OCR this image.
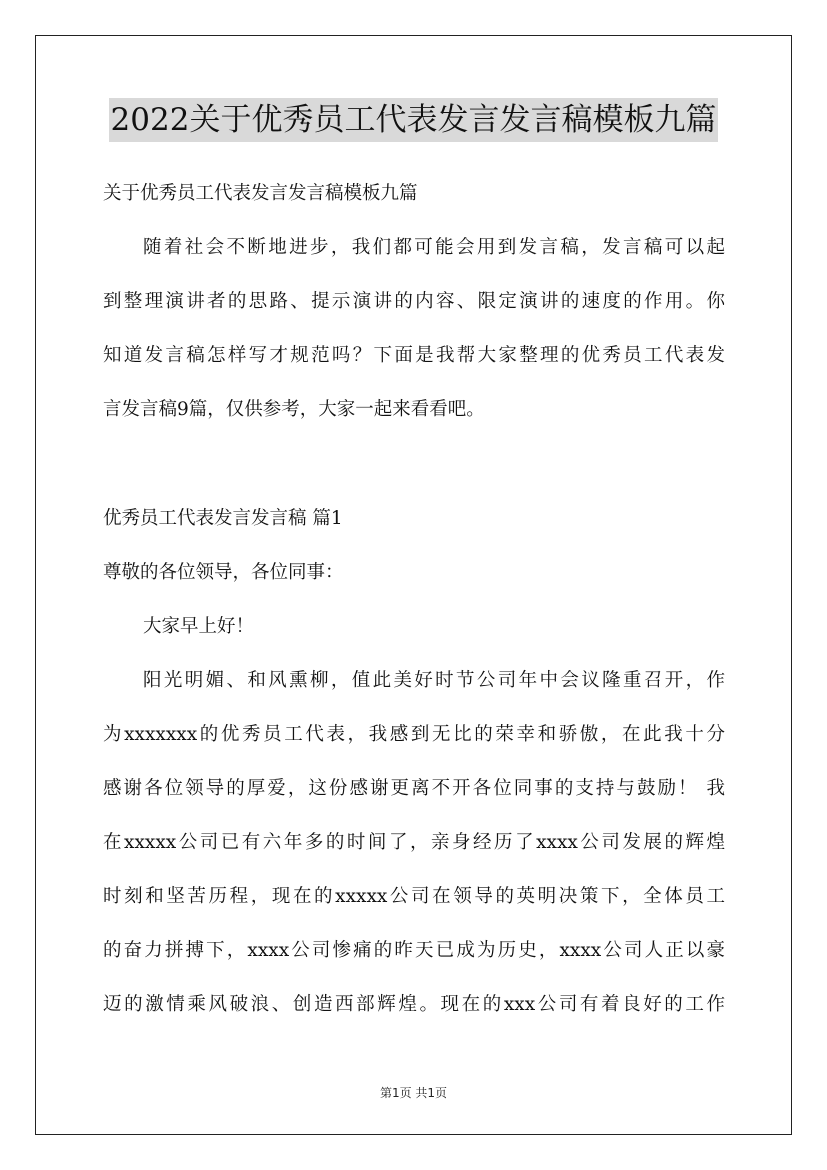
2022关于优秀员工代表发言发言稿模板九篇
关于优秀员工代表发言发言稿模板九篇
随着社会不断地进步，我们都可能会用到发言稿，发言稿可以起
到整理演讲者的思路、提示演讲的内容、限定演讲的速度的作用。你
知道发言稿怎样写才规范吗？下面是我帮大家整理的优秀员工代表发
言发言稿9篇，仅供参考，大家一起来看看吧。
优秀员工代表发言发言稿 篇1
尊敬的各位领导，各位同事：
大家早上好！
阳光明媚、和风熏柳，值此美好时节公司年中会议隆重召开，作
为xxxxxxx的优秀员工代表，我感到无比的荣幸和骄傲，在此我十分
感谢各位领导的厚爱，这份感谢更离不开各位同事的支持与鼓励！ 我
在xxxxx公司已有六年多的时间了，亲身经历了xxxx公司发展的辉煌
时刻和坚苦历程，现在的xxxxx公司在领导的英明决策下，全体员工
的奋力拼搏下，xxxx公司惨痛的昨天已成为历史，xxxx公司人正以豪
迈的激情乘风破浪、创造西部辉煌。现在的xxx公司有着良好的工作
第1页 共1页
